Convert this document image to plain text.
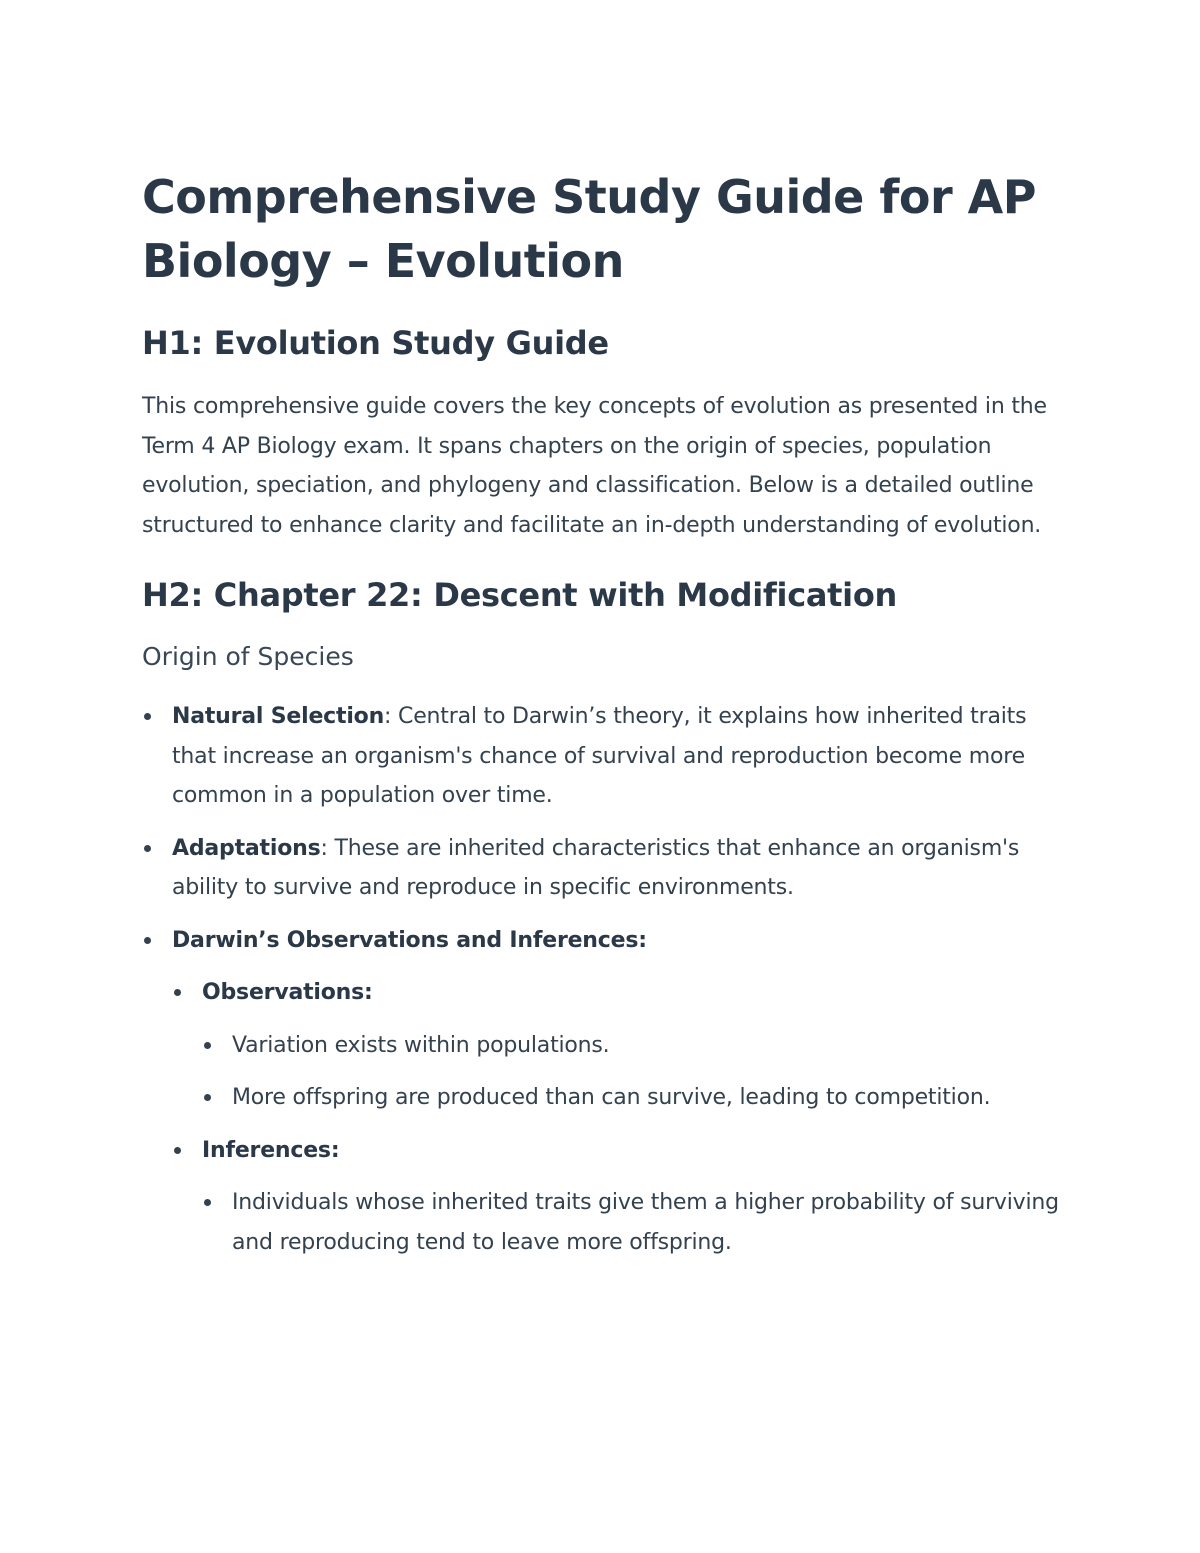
Comprehensive Study Guide for AP Biology – Evolution
H1: Evolution Study Guide

This comprehensive guide covers the key concepts of evolution as presented in the Term 4 AP Biology exam. It spans chapters on the origin of species, population evolution, speciation, and phylogeny and classification. Below is a detailed outline structured to enhance clarity and facilitate an in-depth understanding of evolution.

H2: Chapter 22: Descent with Modification
Origin of Species
Natural Selection: Central to Darwin’s theory, it explains how inherited traits that increase an organism's chance of survival and reproduction become more common in a population over time.
Adaptations: These are inherited characteristics that enhance an organism's ability to survive and reproduce in specific environments.
Darwin’s Observations and Inferences:
Observations:
Variation exists within populations.
More offspring are produced than can survive, leading to competition.
Inferences:
Individuals whose inherited traits give them a higher probability of surviving and reproducing tend to leave more offspring.
